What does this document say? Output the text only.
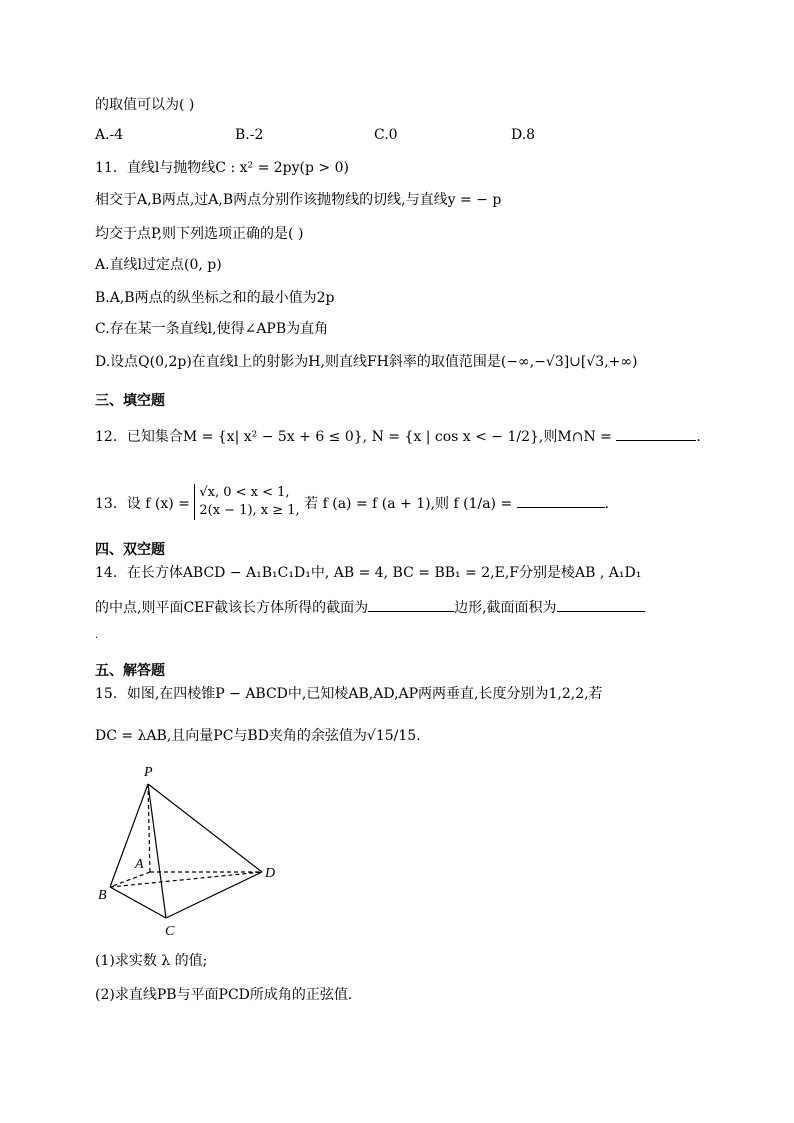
的取值可以为( )
A.-4	B.-2	C.0	D.8
11．直线l与抛物线C : x² = 2py(p > 0)
相交于A,B两点,过A,B两点分别作该抛物线的切线,与直线y = − p
均交于点P,则下列选项正确的是( )
A.直线l过定点(0, p)
B.A,B两点的纵坐标之和的最小值为2p
C.存在某一条直线l,使得∠APB为直角
D.设点Q(0,2p)在直线l上的射影为H,则直线FH斜率的取值范围是(−∞,−√3]∪[√3,+∞)
三、填空题
12．已知集合M = {x| x² − 5x + 6 ≤ 0}, N = {x | cos x < − 1/2},则M∩N =	.
13．设 f (x) =
√x, 0 < x < 1,
2(x − 1), x ≥ 1, 若 f (a) = f (a + 1),则 f (1/a) =	.
四、双空题
14．在长方体ABCD − A₁B₁C₁D₁中, AB = 4, BC = BB₁ = 2,E,F分别是棱AB , A₁D₁
的中点,则平面CEF截该长方体所得的截面为	边形,截面面积为
.
五、解答题
15．如图,在四棱锥P − ABCD中,已知棱AB,AD,AP两两垂直,长度分别为1,2,2,若
DC = λAB,且向量PC与BD夹角的余弦值为√15/15.
P
A
B
C
D
(1)求实数 λ 的值;
(2)求直线PB与平面PCD所成角的正弦值.
